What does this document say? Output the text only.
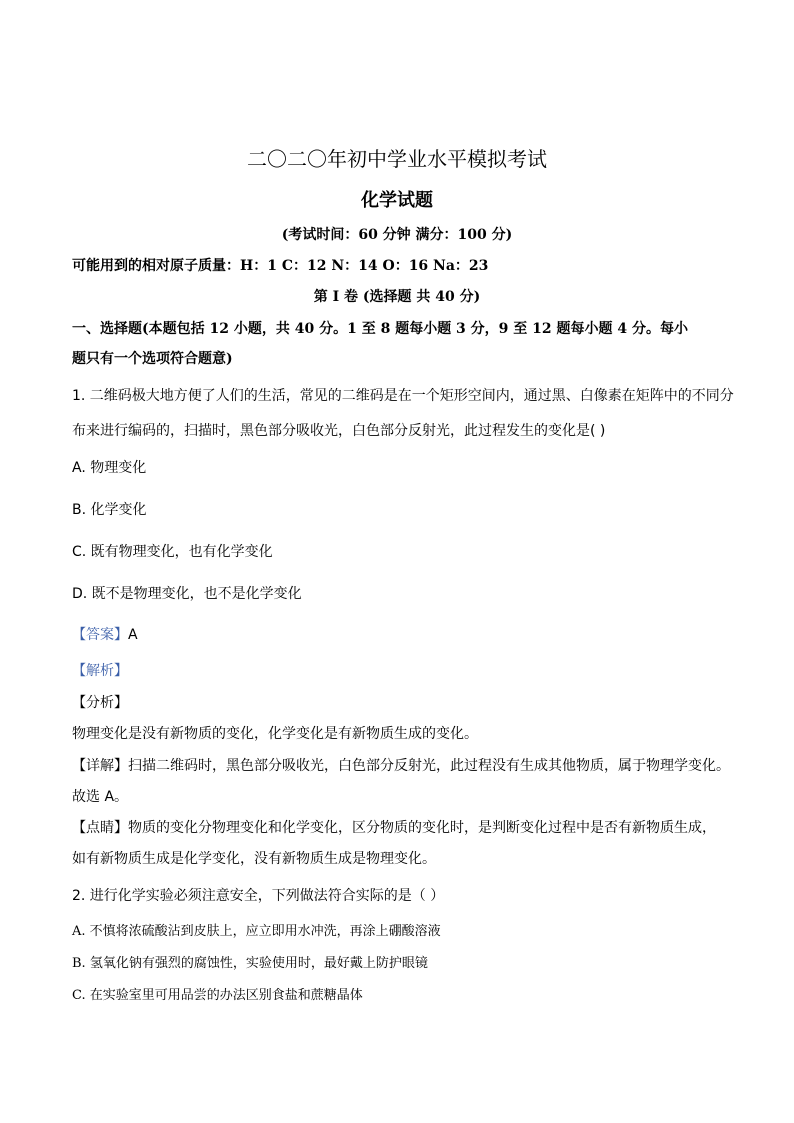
二〇二〇年初中学业水平模拟考试
化学试题
(考试时间：60 分钟 满分：100 分)
可能用到的相对原子质量：H：1 C：12 N：14 O：16 Na：23
第 I 卷 (选择题 共 40 分)
一、选择题(本题包括 12 小题，共 40 分。1 至 8 题每小题 3 分，9 至 12 题每小题 4 分。每小
题只有一个选项符合题意)
1. 二维码极大地方便了人们的生活，常见的二维码是在一个矩形空间内，通过黑、白像素在矩阵中的不同分
布来进行编码的，扫描时，黑色部分吸收光，白色部分反射光，此过程发生的变化是( )
A. 物理变化
B. 化学变化
C. 既有物理变化，也有化学变化
D. 既不是物理变化，也不是化学变化
【答案】A
【解析】
【分析】
物理变化是没有新物质的变化，化学变化是有新物质生成的变化。
【详解】扫描二维码时，黑色部分吸收光，白色部分反射光，此过程没有生成其他物质，属于物理学变化。
故选 A。
【点睛】物质的变化分物理变化和化学变化，区分物质的变化时，是判断变化过程中是否有新物质生成，
如有新物质生成是化学变化，没有新物质生成是物理变化。
2. 进行化学实验必须注意安全，下列做法符合实际的是（ ）
A. 不慎将浓硫酸沾到皮肤上，应立即用水冲洗，再涂上硼酸溶液
B. 氢氧化钠有强烈的腐蚀性，实验使用时，最好戴上防护眼镜
C. 在实验室里可用品尝的办法区别食盐和蔗糖晶体
